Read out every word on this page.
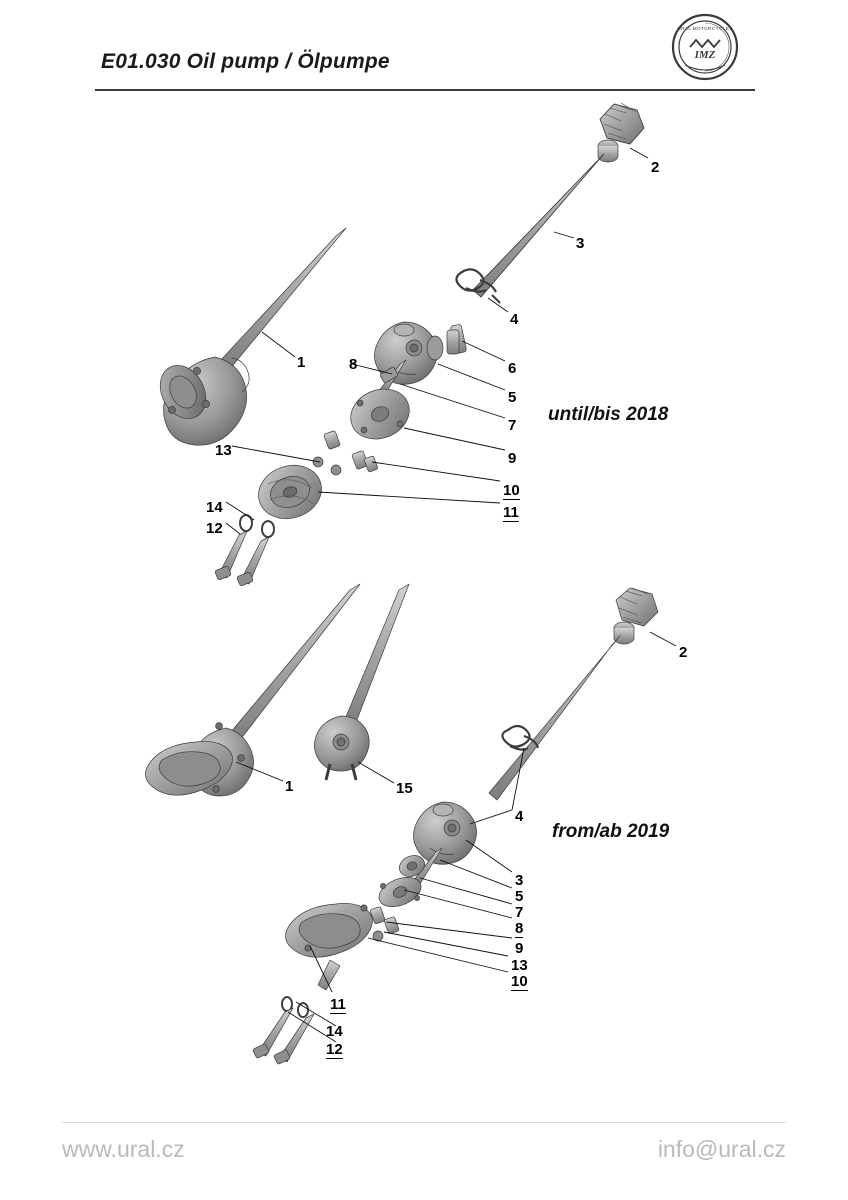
E01.030 Oil pump / Ölpumpe
URAL MOTORCYCLES
IMZ
until/bis 2018
from/ab 2019
2
3
4
1	8	6
5
7
13	9
10
14	11
12
2
1	15
4
3
5
7
8
9
13
10
11
14
12
www.ural.cz	info@ural.cz
